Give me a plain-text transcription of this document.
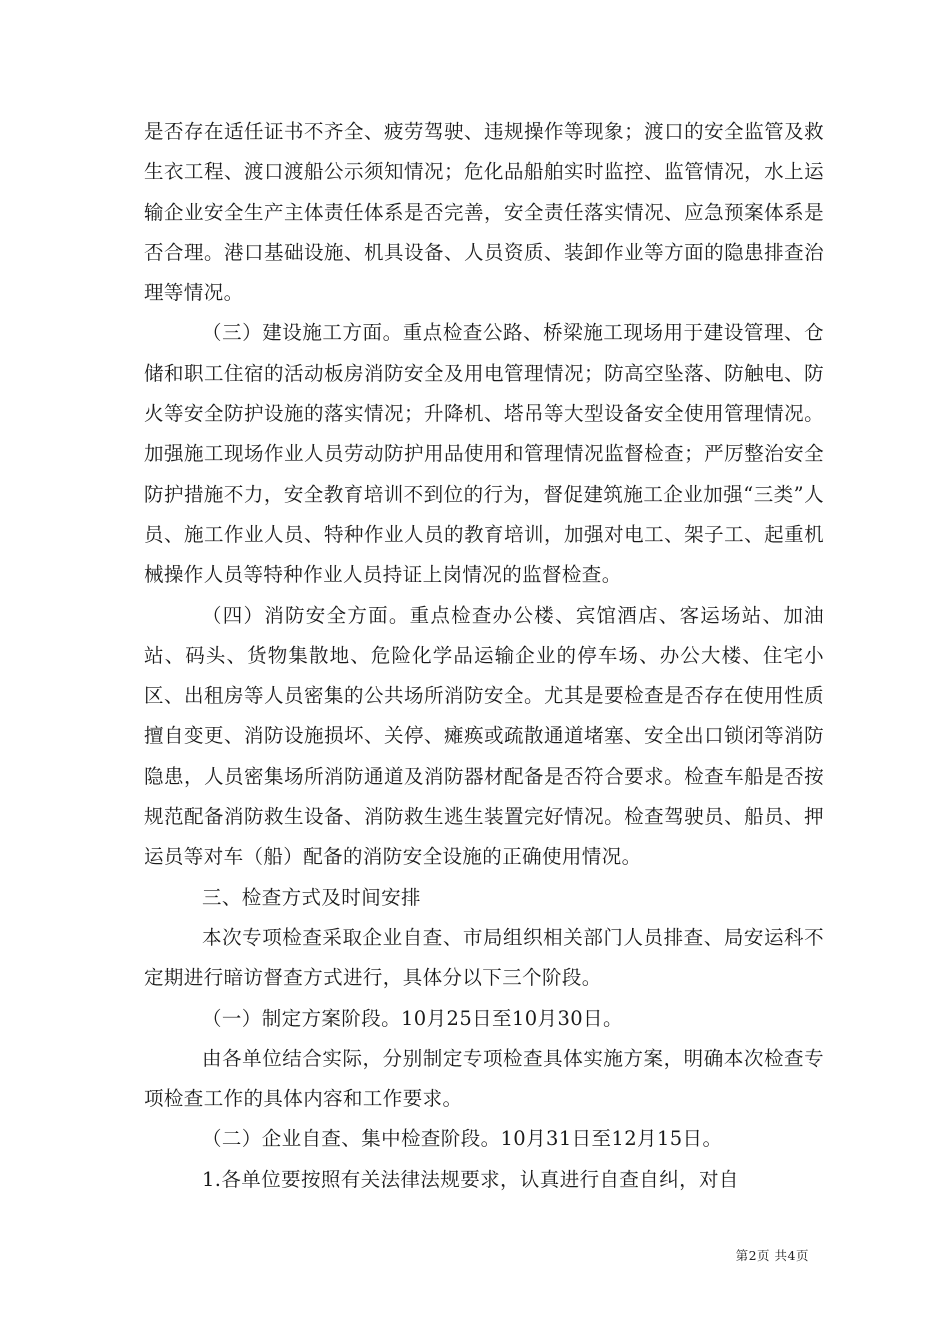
是否存在适任证书不齐全、疲劳驾驶、违规操作等现象；渡口的安全监管及救生衣工程、渡口渡船公示须知情况；危化品船舶实时监控、监管情况，水上运输企业安全生产主体责任体系是否完善，安全责任落实情况、应急预案体系是否合理。港口基础设施、机具设备、人员资质、装卸作业等方面的隐患排查治理等情况。

（三）建设施工方面。重点检查公路、桥梁施工现场用于建设管理、仓储和职工住宿的活动板房消防安全及用电管理情况；防高空坠落、防触电、防火等安全防护设施的落实情况；升降机、塔吊等大型设备安全使用管理情况。加强施工现场作业人员劳动防护用品使用和管理情况监督检查；严厉整治安全防护措施不力，安全教育培训不到位的行为，督促建筑施工企业加强“三类”人员、施工作业人员、特种作业人员的教育培训，加强对电工、架子工、起重机械操作人员等特种作业人员持证上岗情况的监督检查。

（四）消防安全方面。重点检查办公楼、宾馆酒店、客运场站、加油站、码头、货物集散地、危险化学品运输企业的停车场、办公大楼、住宅小区、出租房等人员密集的公共场所消防安全。尤其是要检查是否存在使用性质擅自变更、消防设施损坏、关停、瘫痪或疏散通道堵塞、安全出口锁闭等消防隐患，人员密集场所消防通道及消防器材配备是否符合要求。检查车船是否按规范配备消防救生设备、消防救生逃生装置完好情况。检查驾驶员、船员、押运员等对车（船）配备的消防安全设施的正确使用情况。

三、检查方式及时间安排

本次专项检查采取企业自查、市局组织相关部门人员排查、局安运科不定期进行暗访督查方式进行，具体分以下三个阶段。

（一）制定方案阶段。10月25日至10月30日。

由各单位结合实际，分别制定专项检查具体实施方案，明确本次检查专项检查工作的具体内容和工作要求。

（二）企业自查、集中检查阶段。10月31日至12月15日。

1.各单位要按照有关法律法规要求，认真进行自查自纠，对自

第2页 共4页
